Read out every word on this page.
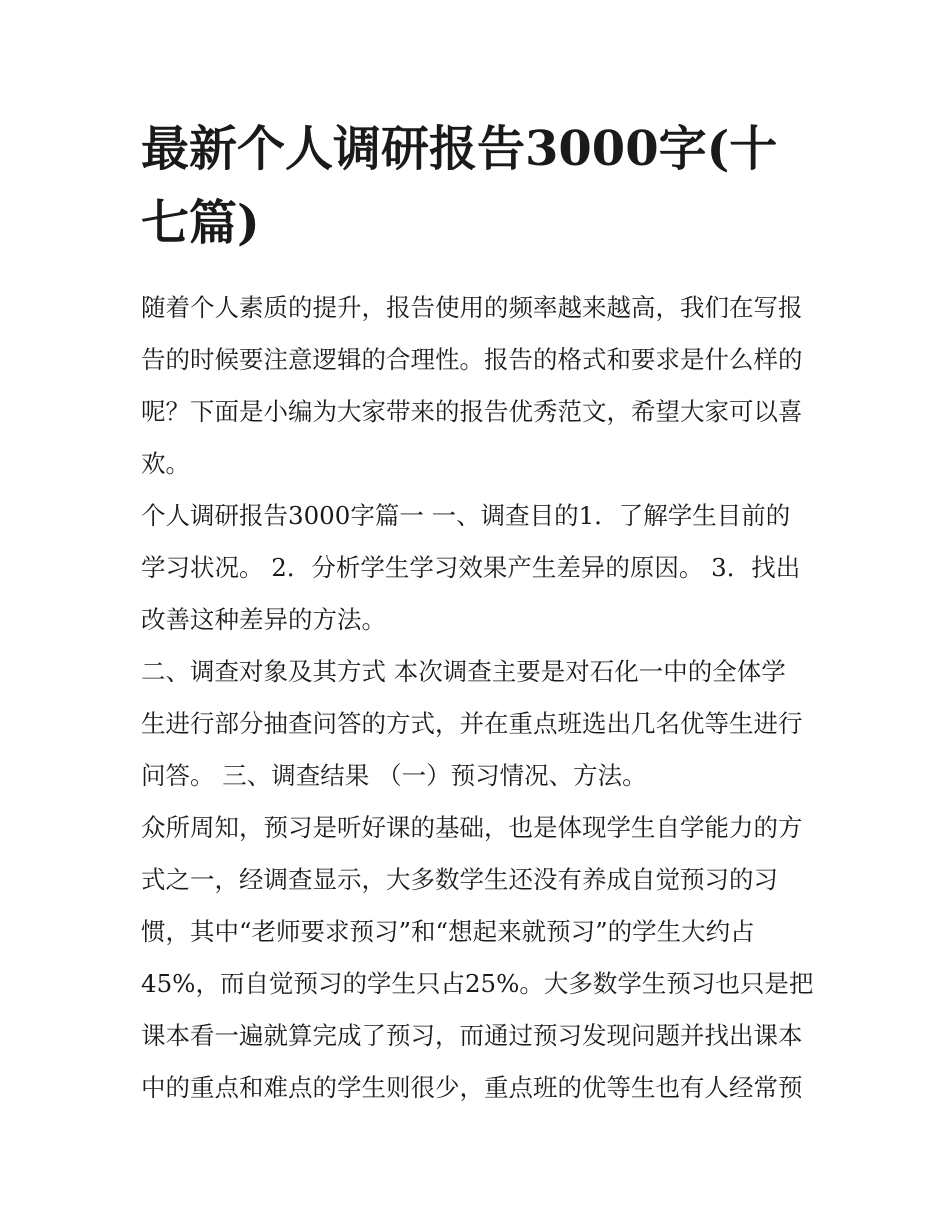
最新个人调研报告3000字(十
七篇)

随着个人素质的提升，报告使用的频率越来越高，我们在写报
告的时候要注意逻辑的合理性。报告的格式和要求是什么样的
呢？下面是小编为大家带来的报告优秀范文，希望大家可以喜
欢。

个人调研报告3000字篇一 一、调查目的1．了解学生目前的
学习状况。 2．分析学生学习效果产生差异的原因。 3．找出
改善这种差异的方法。

二、调查对象及其方式 本次调查主要是对石化一中的全体学
生进行部分抽查问答的方式，并在重点班选出几名优等生进行
问答。 三、调查结果 （一）预习情况、方法。

众所周知，预习是听好课的基础，也是体现学生自学能力的方
式之一，经调查显示，大多数学生还没有养成自觉预习的习
惯，其中“老师要求预习”和“想起来就预习”的学生大约占
45%，而自觉预习的学生只占25%。大多数学生预习也只是把
课本看一遍就算完成了预习，而通过预习发现问题并找出课本
中的重点和难点的学生则很少，重点班的优等生也有人经常预
